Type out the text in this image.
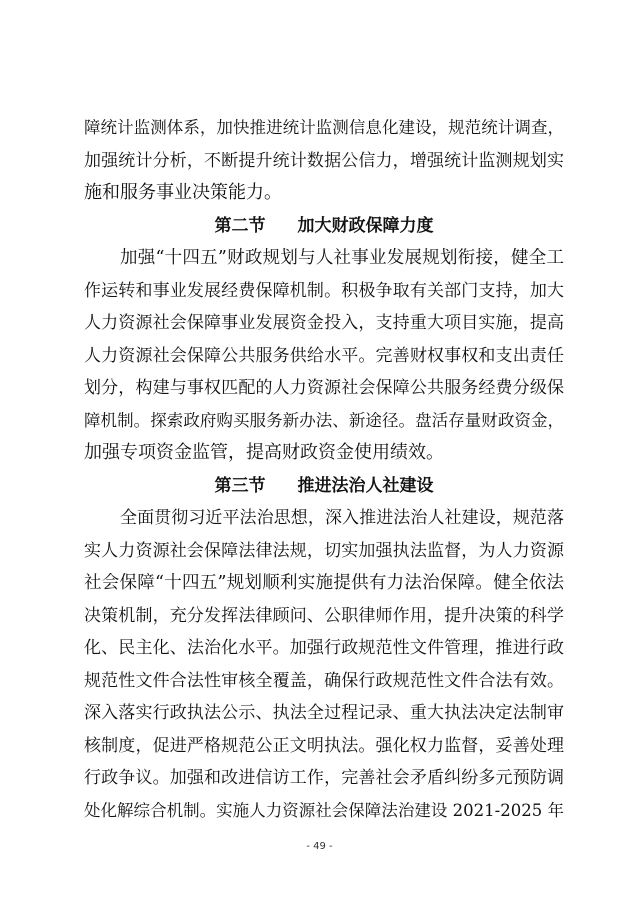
障统计监测体系，加快推进统计监测信息化建设，规范统计调查，
加强统计分析，不断提升统计数据公信力，增强统计监测规划实
施和服务事业决策能力。
第二节 加大财政保障力度
加强“十四五”财政规划与人社事业发展规划衔接，健全工
作运转和事业发展经费保障机制。积极争取有关部门支持，加大
人力资源社会保障事业发展资金投入，支持重大项目实施，提高
人力资源社会保障公共服务供给水平。完善财权事权和支出责任
划分，构建与事权匹配的人力资源社会保障公共服务经费分级保
障机制。探索政府购买服务新办法、新途径。盘活存量财政资金，
加强专项资金监管，提高财政资金使用绩效。
第三节 推进法治人社建设
全面贯彻习近平法治思想，深入推进法治人社建设，规范落
实人力资源社会保障法律法规，切实加强执法监督，为人力资源
社会保障“十四五”规划顺利实施提供有力法治保障。健全依法
决策机制，充分发挥法律顾问、公职律师作用，提升决策的科学
化、民主化、法治化水平。加强行政规范性文件管理，推进行政
规范性文件合法性审核全覆盖，确保行政规范性文件合法有效。
深入落实行政执法公示、执法全过程记录、重大执法决定法制审
核制度，促进严格规范公正文明执法。强化权力监督，妥善处理
行政争议。加强和改进信访工作，完善社会矛盾纠纷多元预防调
处化解综合机制。实施人力资源社会保障法治建设 2021-2025 年
- 49 -
